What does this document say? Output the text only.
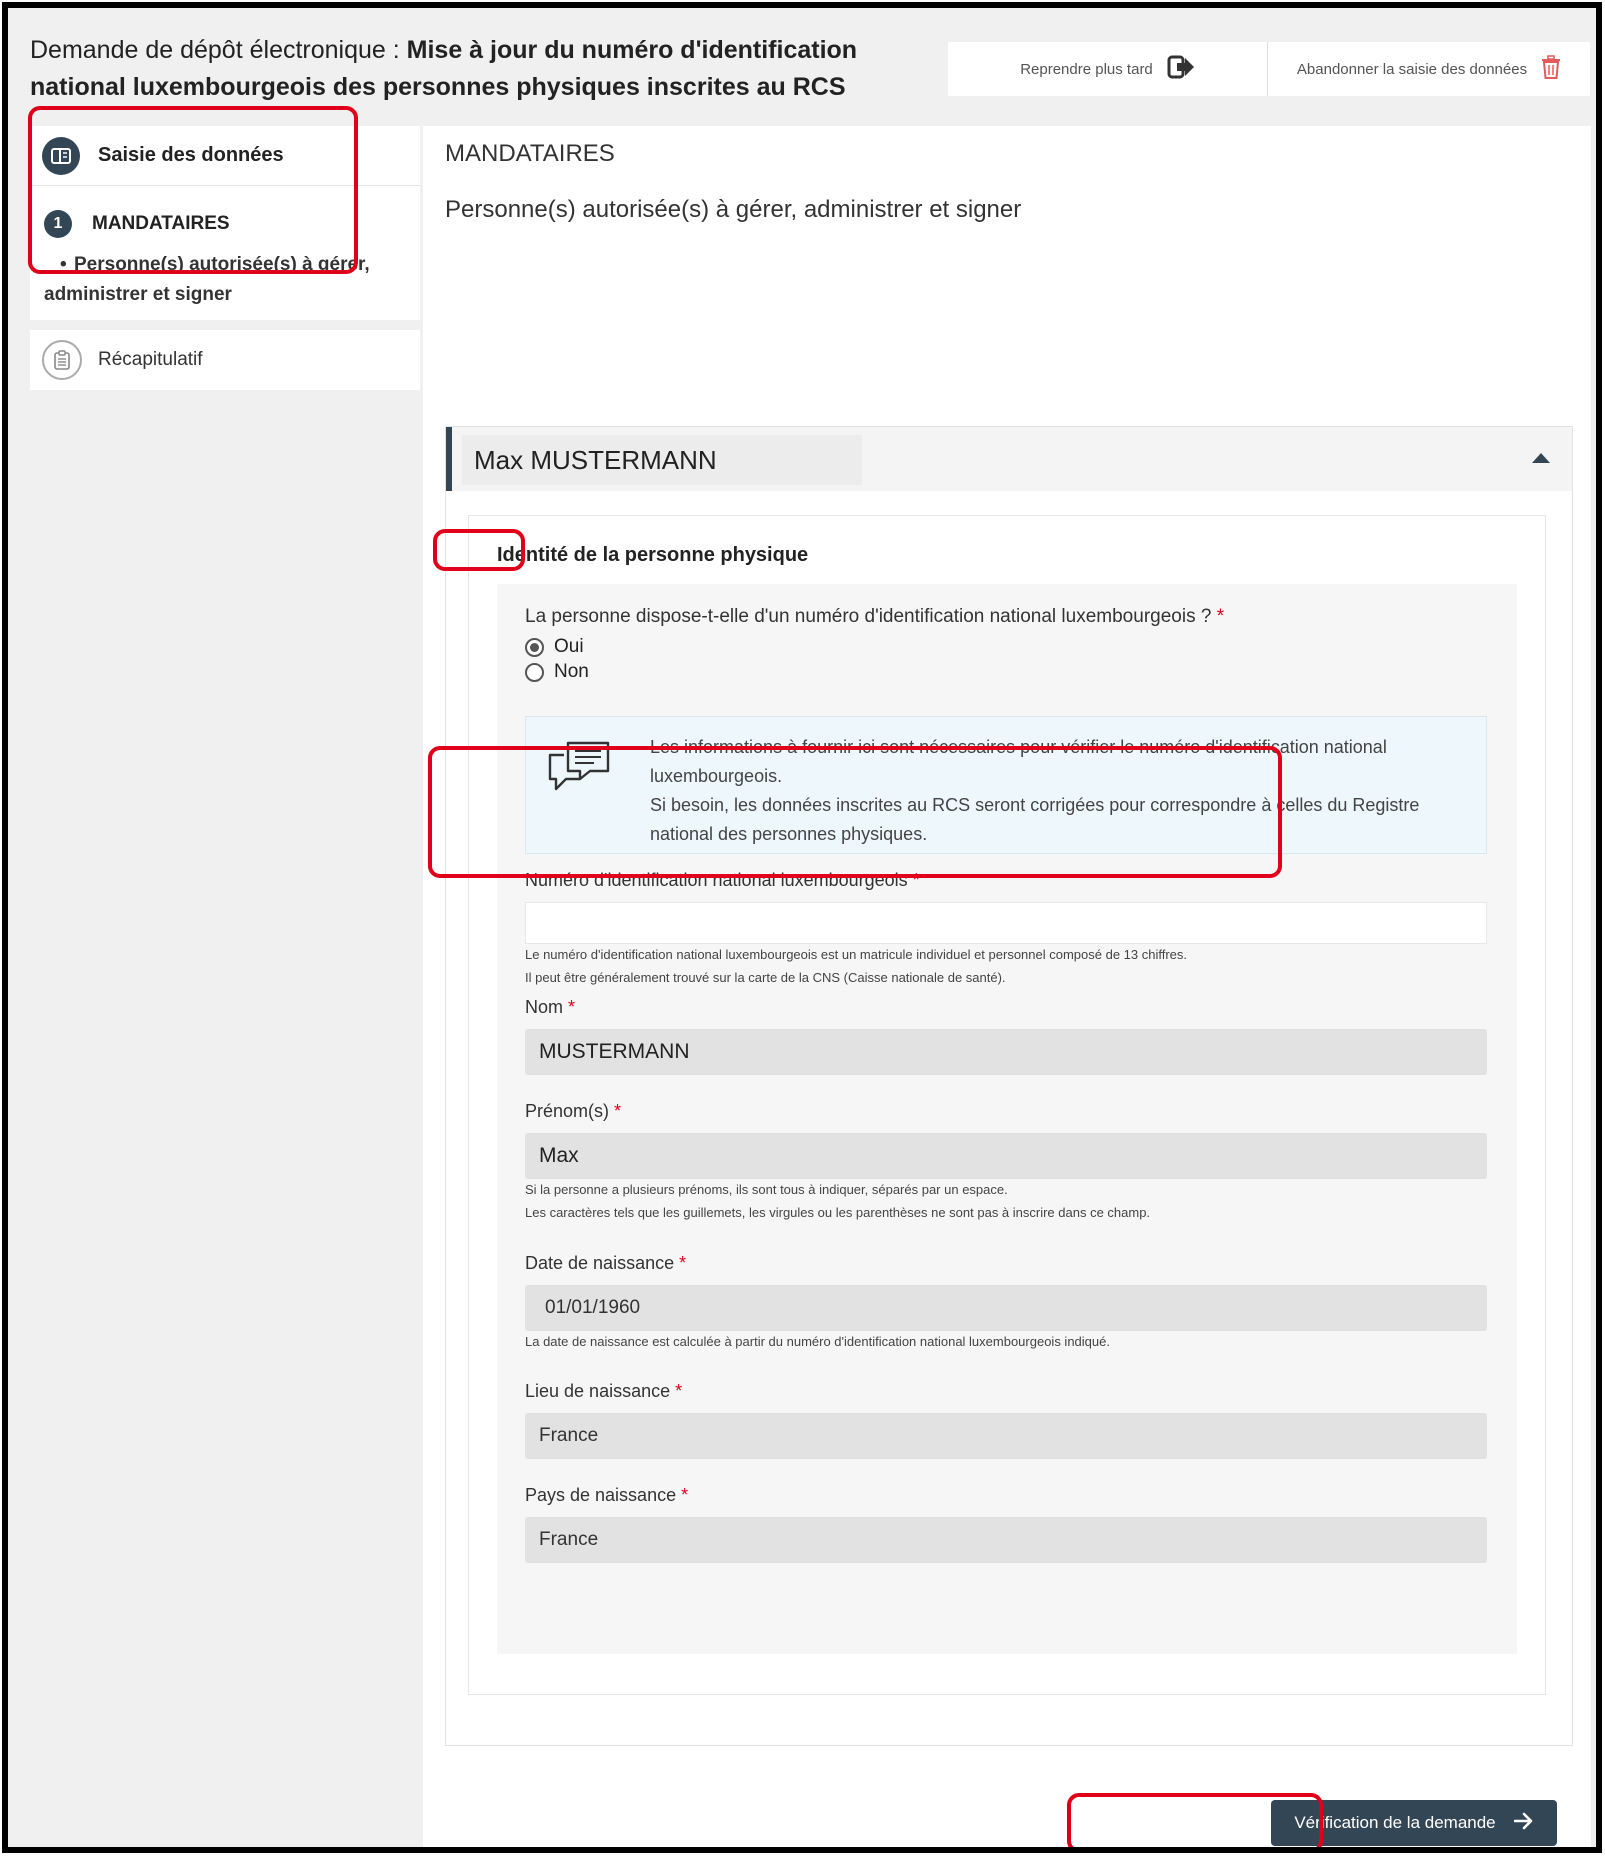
Demande de dépôt électronique : Mise à jour du numéro d'identification national luxembourgeois des personnes physiques inscrites au RCS
Reprendre plus tard	Abandonner la saisie des données
Saisie des données
1	MANDATAIRES
• Personne(s) autorisée(s) à gérer, administrer et signer
Récapitulatif
MANDATAIRES
Personne(s) autorisée(s) à gérer, administrer et signer
Max MUSTERMANN
Identité de la personne physique
La personne dispose-t-elle d'un numéro d'identification national luxembourgeois ? *
Oui
Non
Les informations à fournir ici sont nécessaires pour vérifier le numéro d'identification national luxembourgeois.
Si besoin, les données inscrites au RCS seront corrigées pour correspondre à celles du Registre national des personnes physiques.
Numéro d'identification national luxembourgeois *
Le numéro d'identification national luxembourgeois est un matricule individuel et personnel composé de 13 chiffres.
Il peut être généralement trouvé sur la carte de la CNS (Caisse nationale de santé).
Nom *
MUSTERMANN
Prénom(s) *
Max
Si la personne a plusieurs prénoms, ils sont tous à indiquer, séparés par un espace.
Les caractères tels que les guillemets, les virgules ou les parenthèses ne sont pas à inscrire dans ce champ.
Date de naissance *
01/01/1960
La date de naissance est calculée à partir du numéro d'identification national luxembourgeois indiqué.
Lieu de naissance *
France
Pays de naissance *
France
Vérification de la demande
